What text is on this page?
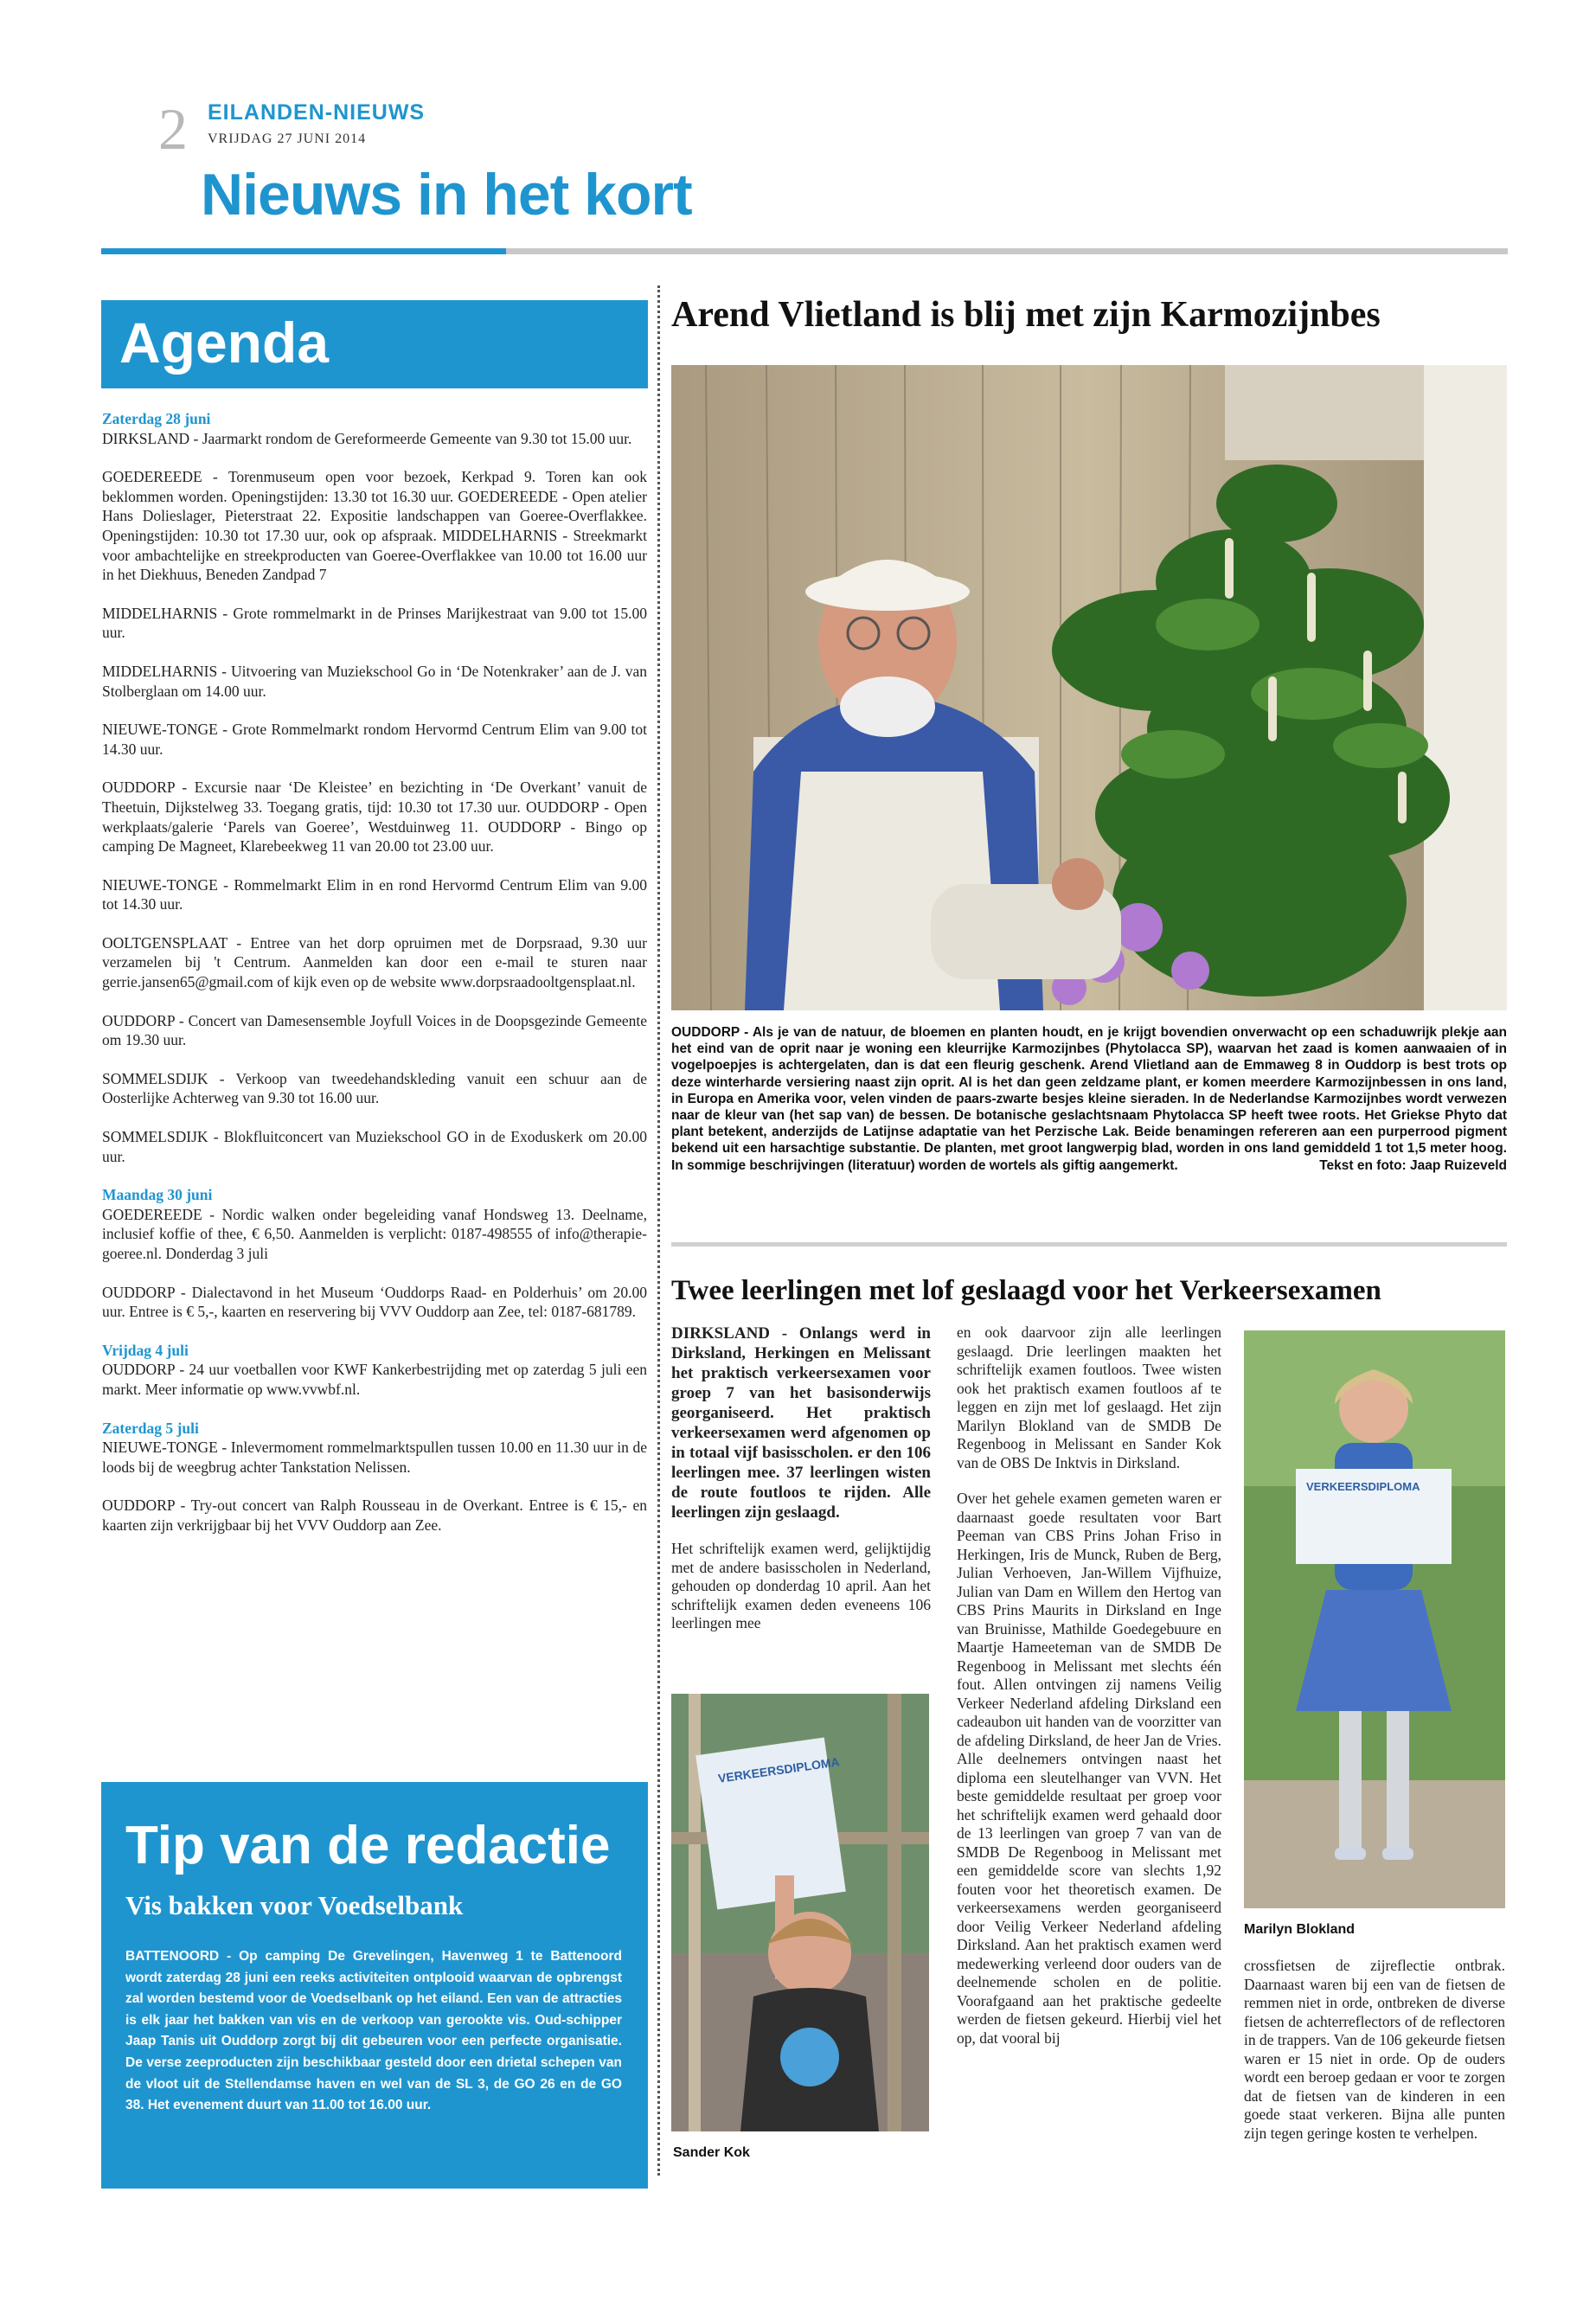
2 EILANDEN-NIEUWS
VRIJDAG 27 JUNI 2014
Nieuws in het kort
Agenda

Zaterdag 28 juni
DIRKSLAND - Jaarmarkt rondom de Gereformeerde Gemeente van 9.30 tot 15.00 uur.

GOEDEREEDE - Torenmuseum open voor bezoek, Kerkpad 9. Toren kan ook beklommen worden. Openingstijden: 13.30 tot 16.30 uur. GOEDEREEDE - Open atelier Hans Dolieslager, Pieterstraat 22. Expositie landschappen van Goeree-Overflakkee. Openingstijden: 10.30 tot 17.30 uur, ook op afspraak. MIDDELHARNIS - Streekmarkt voor ambachtelijke en streekproducten van Goeree-Overflakkee van 10.00 tot 16.00 uur in het Diekhuus, Beneden Zandpad 7

MIDDELHARNIS - Grote rommelmarkt in de Prinses Marijkestraat van 9.00 tot 15.00 uur.

MIDDELHARNIS - Uitvoering van Muziekschool Go in ‘De Notenkraker’ aan de J. van Stolberglaan om 14.00 uur.

NIEUWE-TONGE - Grote Rommelmarkt rondom Hervormd Centrum Elim van 9.00 tot 14.30 uur.

OUDDORP - Excursie naar ‘De Kleistee’ en bezichting in ‘De Overkant’ vanuit de Theetuin, Dijkstelweg 33. Toegang gratis, tijd: 10.30 tot 17.30 uur. OUDDORP - Open werkplaats/galerie ‘Parels van Goeree’, Westduinweg 11. OUDDORP - Bingo op camping De Magneet, Klarebeekweg 11 van 20.00 tot 23.00 uur.

NIEUWE-TONGE - Rommelmarkt Elim in en rond Hervormd Centrum Elim van 9.00 tot 14.30 uur.

OOLTGENSPLAAT - Entree van het dorp opruimen met de Dorpsraad, 9.30 uur verzamelen bij 't Centrum. Aanmelden kan door een e-mail te sturen naar gerrie.jansen65@gmail.com of kijk even op de website www.dorpsraadooltgensplaat.nl.

OUDDORP - Concert van Damesensemble Joyfull Voices in de Doopsgezinde Gemeente om 19.30 uur.

SOMMELSDIJK - Verkoop van tweedehandskleding vanuit een schuur aan de Oosterlijke Achterweg van 9.30 tot 16.00 uur.

SOMMELSDIJK - Blokfluitconcert van Muziekschool GO in de Exoduskerk om 20.00 uur.

Maandag 30 juni
GOEDEREEDE - Nordic walken onder begeleiding vanaf Hondsweg 13. Deelname, inclusief koffie of thee, € 6,50. Aanmelden is verplicht: 0187-498555 of info@therapie-goeree.nl. Donderdag 3 juli

OUDDORP - Dialectavond in het Museum ‘Ouddorps Raad- en Polderhuis’ om 20.00 uur. Entree is € 5,-, kaarten en reservering bij VVV Ouddorp aan Zee, tel: 0187-681789.

Vrijdag 4 juli
OUDDORP - 24 uur voetballen voor KWF Kankerbestrijding met op zaterdag 5 juli een markt. Meer informatie op www.vvwbf.nl.

Zaterdag 5 juli
NIEUWE-TONGE - Inlevermoment rommelmarktspullen tussen 10.00 en 11.30 uur in de loods bij de weegbrug achter Tankstation Nelissen.

OUDDORP - Try-out concert van Ralph Rousseau in de Overkant. Entree is € 15,- en kaarten zijn verkrijgbaar bij het VVV Ouddorp aan Zee.

Tip van de redactie
Vis bakken voor Voedselbank
BATTENOORD - Op camping De Grevelingen, Havenweg 1 te Battenoord wordt zaterdag 28 juni een reeks activiteiten ontplooid waarvan de opbrengst zal worden bestemd voor de Voedselbank op het eiland. Een van de attracties is elk jaar het bakken van vis en de verkoop van gerookte vis. Oud-schipper Jaap Tanis uit Ouddorp zorgt bij dit gebeuren voor een perfecte organisatie. De verse zeeproducten zijn beschikbaar gesteld door een drietal schepen van de vloot uit de Stellendamse haven en wel van de SL 3, de GO 26 en de GO 38. Het evenement duurt van 11.00 tot 16.00 uur.
Arend Vlietland is blij met zijn Karmozijnbes
OUDDORP - Als je van de natuur, de bloemen en planten houdt, en je krijgt bovendien onverwacht op een schaduwrijk plekje aan het eind van de oprit naar je woning een kleurrijke Karmozijnbes (Phytolacca SP), waarvan het zaad is komen aanwaaien of in vogelpoepjes is achtergelaten, dan is dat een fleurig geschenk. Arend Vlietland aan de Emmaweg 8 in Ouddorp is best trots op deze winterharde versiering naast zijn oprit. Al is het dan geen zeldzame plant, er komen meerdere Karmozijnbessen in ons land, in Europa en Amerika voor, velen vinden de paars-zwarte besjes kleine sieraden. In de Nederlandse Karmozijnbes wordt verwezen naar de kleur van (het sap van) de bessen. De botanische geslachtsnaam Phytolacca SP heeft twee roots. Het Griekse Phyto dat plant betekent, anderzijds de Latijnse adaptatie van het Perzische Lak. Beide benamingen refereren aan een purperrood pigment bekend uit een harsachtige substantie. De planten, met groot langwerpig blad, worden in ons land gemiddeld 1 tot 1,5 meter hoog. In sommige beschrijvingen (literatuur) worden de wortels als giftig aangemerkt.	Tekst en foto: Jaap Ruizeveld
Twee leerlingen met lof geslaagd voor het Verkeersexamen

DIRKSLAND - Onlangs werd in Dirksland, Herkingen en Melissant het praktisch verkeersexamen voor groep 7 van het basisonderwijs georganiseerd. Het praktisch verkeersexamen werd afgenomen op in totaal vijf basisscholen. er den 106 leerlingen mee. 37 leerlingen wisten de route foutloos te rijden. Alle leerlingen zijn geslaagd.

Het schriftelijk examen werd, gelijktijdig met de andere basisscholen in Nederland, gehouden op donderdag 10 april. Aan het schriftelijk examen deden eveneens 106 leerlingen mee

VERKEERSDIPLOMA
Sander Kok

en ook daarvoor zijn alle leerlingen geslaagd. Drie leerlingen maakten het schriftelijk examen foutloos. Twee wisten ook het praktisch examen foutloos af te leggen en zijn met lof geslaagd. Het zijn Marilyn Blokland van de SMDB De Regenboog in Melissant en Sander Kok van de OBS De Inktvis in Dirksland.

Over het gehele examen gemeten waren er daarnaast goede resultaten voor Bart Peeman van CBS Prins Johan Friso in Herkingen, Iris de Munck, Ruben de Berg, Julian Verhoeven, Jan-Willem Vijfhuize, Julian van Dam en Willem den Hertog van CBS Prins Maurits in Dirksland en Inge van Bruinisse, Mathilde Goedegebuure en Maartje Hameeteman van de SMDB De Regenboog in Melissant met slechts één fout. Allen ontvingen zij namens Veilig Verkeer Nederland afdeling Dirksland een cadeaubon uit handen van de voorzitter van de afdeling Dirksland, de heer Jan de Vries. Alle deelnemers ontvingen naast het diploma een sleutelhanger van VVN. Het beste gemiddelde resultaat per groep voor het schriftelijk examen werd gehaald door de 13 leerlingen van groep 7 van van de SMDB De Regenboog in Melissant met een gemiddelde score van slechts 1,92 fouten voor het theoretisch examen. De verkeersexamens werden georganiseerd door Veilig Verkeer Nederland afdeling Dirksland. Aan het praktisch examen werd medewerking verleend door ouders van de deelnemende scholen en de politie. Voorafgaand aan het praktische gedeelte werden de fietsen gekeurd. Hierbij viel het op, dat vooral bij

VERKEERSDIPLOMA
Marilyn Blokland

crossfietsen de zijreflectie ontbrak. Daarnaast waren bij een van de fietsen de remmen niet in orde, ontbreken de diverse fietsen de achterreflectors of de reflectoren in de trappers. Van de 106 gekeurde fietsen waren er 15 niet in orde. Op de ouders wordt een beroep gedaan er voor te zorgen dat de fietsen van de kinderen in een goede staat verkeren. Bijna alle punten zijn tegen geringe kosten te verhelpen.
